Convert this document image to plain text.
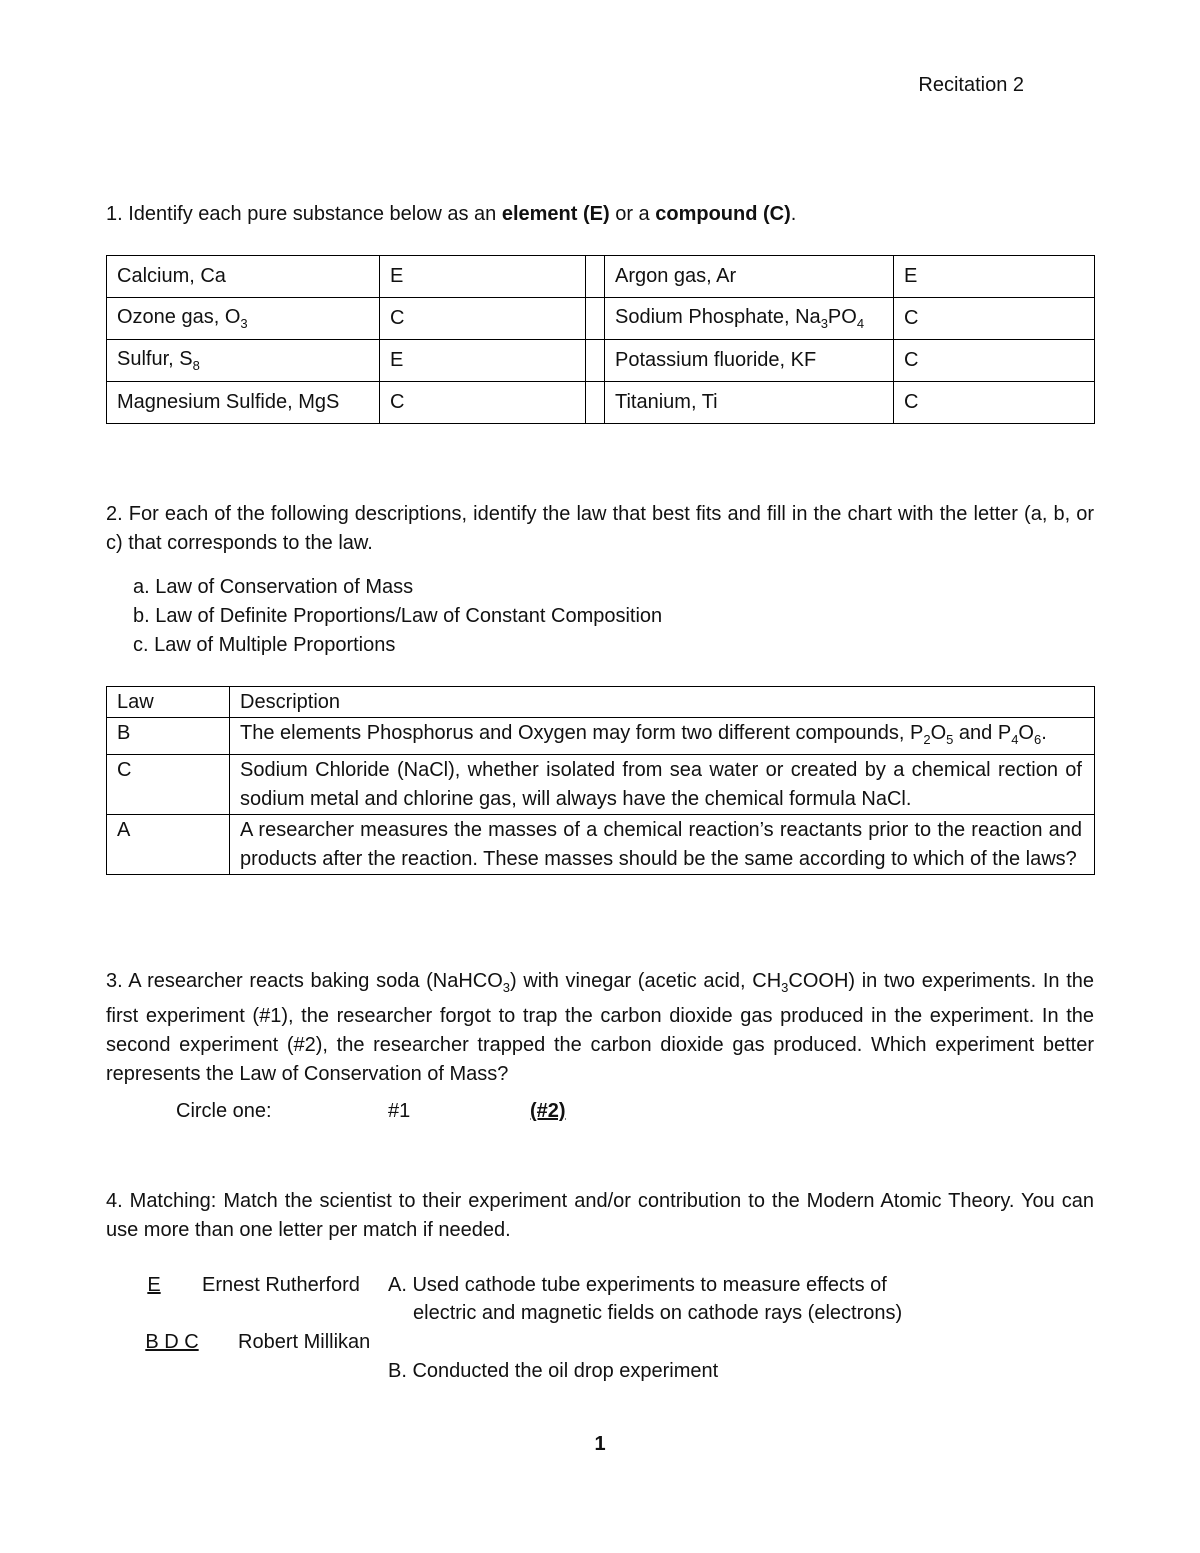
Recitation 2
1. Identify each pure substance below as an element (E) or a compound (C).
Calcium, Ca	E		Argon gas, Ar	E
Ozone gas, $O_3$	C		Sodium Phosphate, $Na_3PO_4$	C
Sulfur, $S_8$	E		Potassium fluoride, KF	C
Magnesium Sulfide, MgS	C		Titanium, Ti	C
2. For each of the following descriptions, identify the law that best fits and fill in the chart with the letter (a, b, or c) that corresponds to the law.
a. Law of Conservation of Mass
b. Law of Definite Proportions/Law of Constant Composition
c. Law of Multiple Proportions
Law	Description
B	The elements Phosphorus and Oxygen may form two different compounds, $P_2O_5$ and $P_4O_6$.
C	Sodium Chloride (NaCl), whether isolated from sea water or created by a chemical rection of sodium metal and chlorine gas, will always have the chemical formula NaCl.
A	A researcher measures the masses of a chemical reaction’s reactants prior to the reaction and products after the reaction. These masses should be the same according to which of the laws?
3. A researcher reacts baking soda (NaHCO$_3$) with vinegar (acetic acid, $CH_3COOH$) in two experiments. In the first experiment (#1), the researcher forgot to trap the carbon dioxide gas produced in the experiment. In the second experiment (#2), the researcher trapped the carbon dioxide gas produced. Which experiment better represents the Law of Conservation of Mass?
Circle one:	#1	(#2)
4. Matching: Match the scientist to their experiment and/or contribution to the Modern Atomic Theory. You can use more than one letter per match if needed.
E Ernest Rutherford A. Used cathode tube experiments to measure effects of
electric and magnetic fields on cathode rays (electrons)
B D C Robert Millikan
B. Conducted the oil drop experiment
1
